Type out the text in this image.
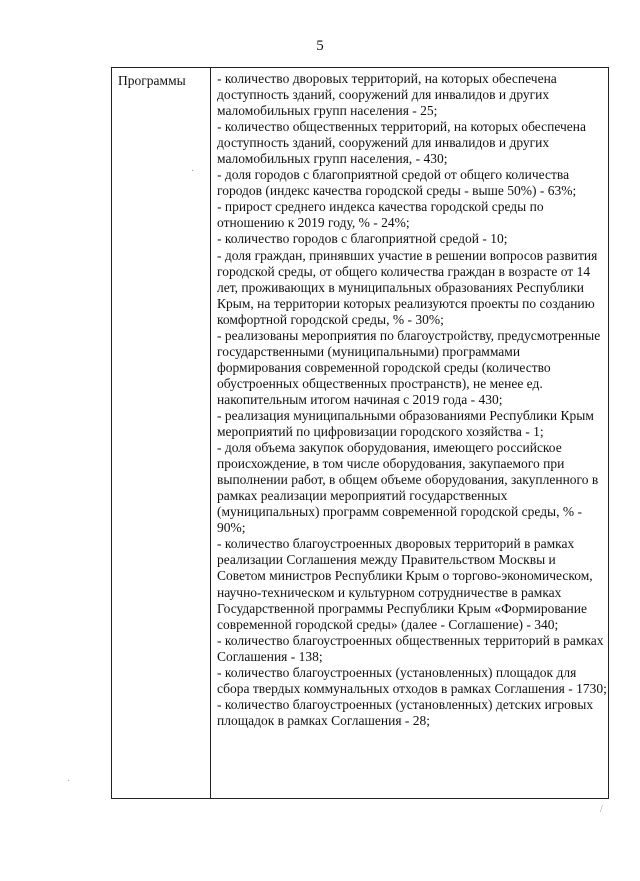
5
Программы - количество дворовых территорий, на которых обеспечена доступность зданий, сооружений для инвалидов и других маломобильных групп населения - 25;
- количество общественных территорий, на которых обеспечена доступность зданий, сооружений для инвалидов и других маломобильных групп населения, - 430;
- доля городов с благоприятной средой от общего количества городов (индекс качества городской среды - выше 50%) - 63%;
- прирост среднего индекса качества городской среды по отношению к 2019 году, % - 24%;
- количество городов с благоприятной средой - 10;
- доля граждан, принявших участие в решении вопросов развития городской среды, от общего количества граждан в возрасте от 14 лет, проживающих в муниципальных образованиях Республики Крым, на территории которых реализуются проекты по созданию комфортной городской среды, % - 30%;
- реализованы мероприятия по благоустройству, предусмотренные государственными (муниципальными) программами формирования современной городской среды (количество обустроенных общественных пространств), не менее ед. накопительным итогом начиная с 2019 года - 430;
- реализация муниципальными образованиями Республики Крым мероприятий по цифровизации городского хозяйства - 1;
- доля объема закупок оборудования, имеющего российское происхождение, в том числе оборудования, закупаемого при выполнении работ, в общем объеме оборудования, закупленного в рамках реализации мероприятий государственных (муниципальных) программ современной городской среды, % - 90%;
- количество благоустроенных дворовых территорий в рамках реализации Соглашения между Правительством Москвы и Советом министров Республики Крым о торгово-экономическом, научно-техническом и культурном сотрудничестве в рамках Государственной программы Республики Крым «Формирование современной городской среды» (далее - Соглашение) - 340;
- количество благоустроенных общественных территорий в рамках Соглашения - 138;
- количество благоустроенных (установленных) площадок для сбора твердых коммунальных отходов в рамках Соглашения - 1730;
- количество благоустроенных (установленных) детских игровых площадок в рамках Соглашения - 28;
·
/
˙
